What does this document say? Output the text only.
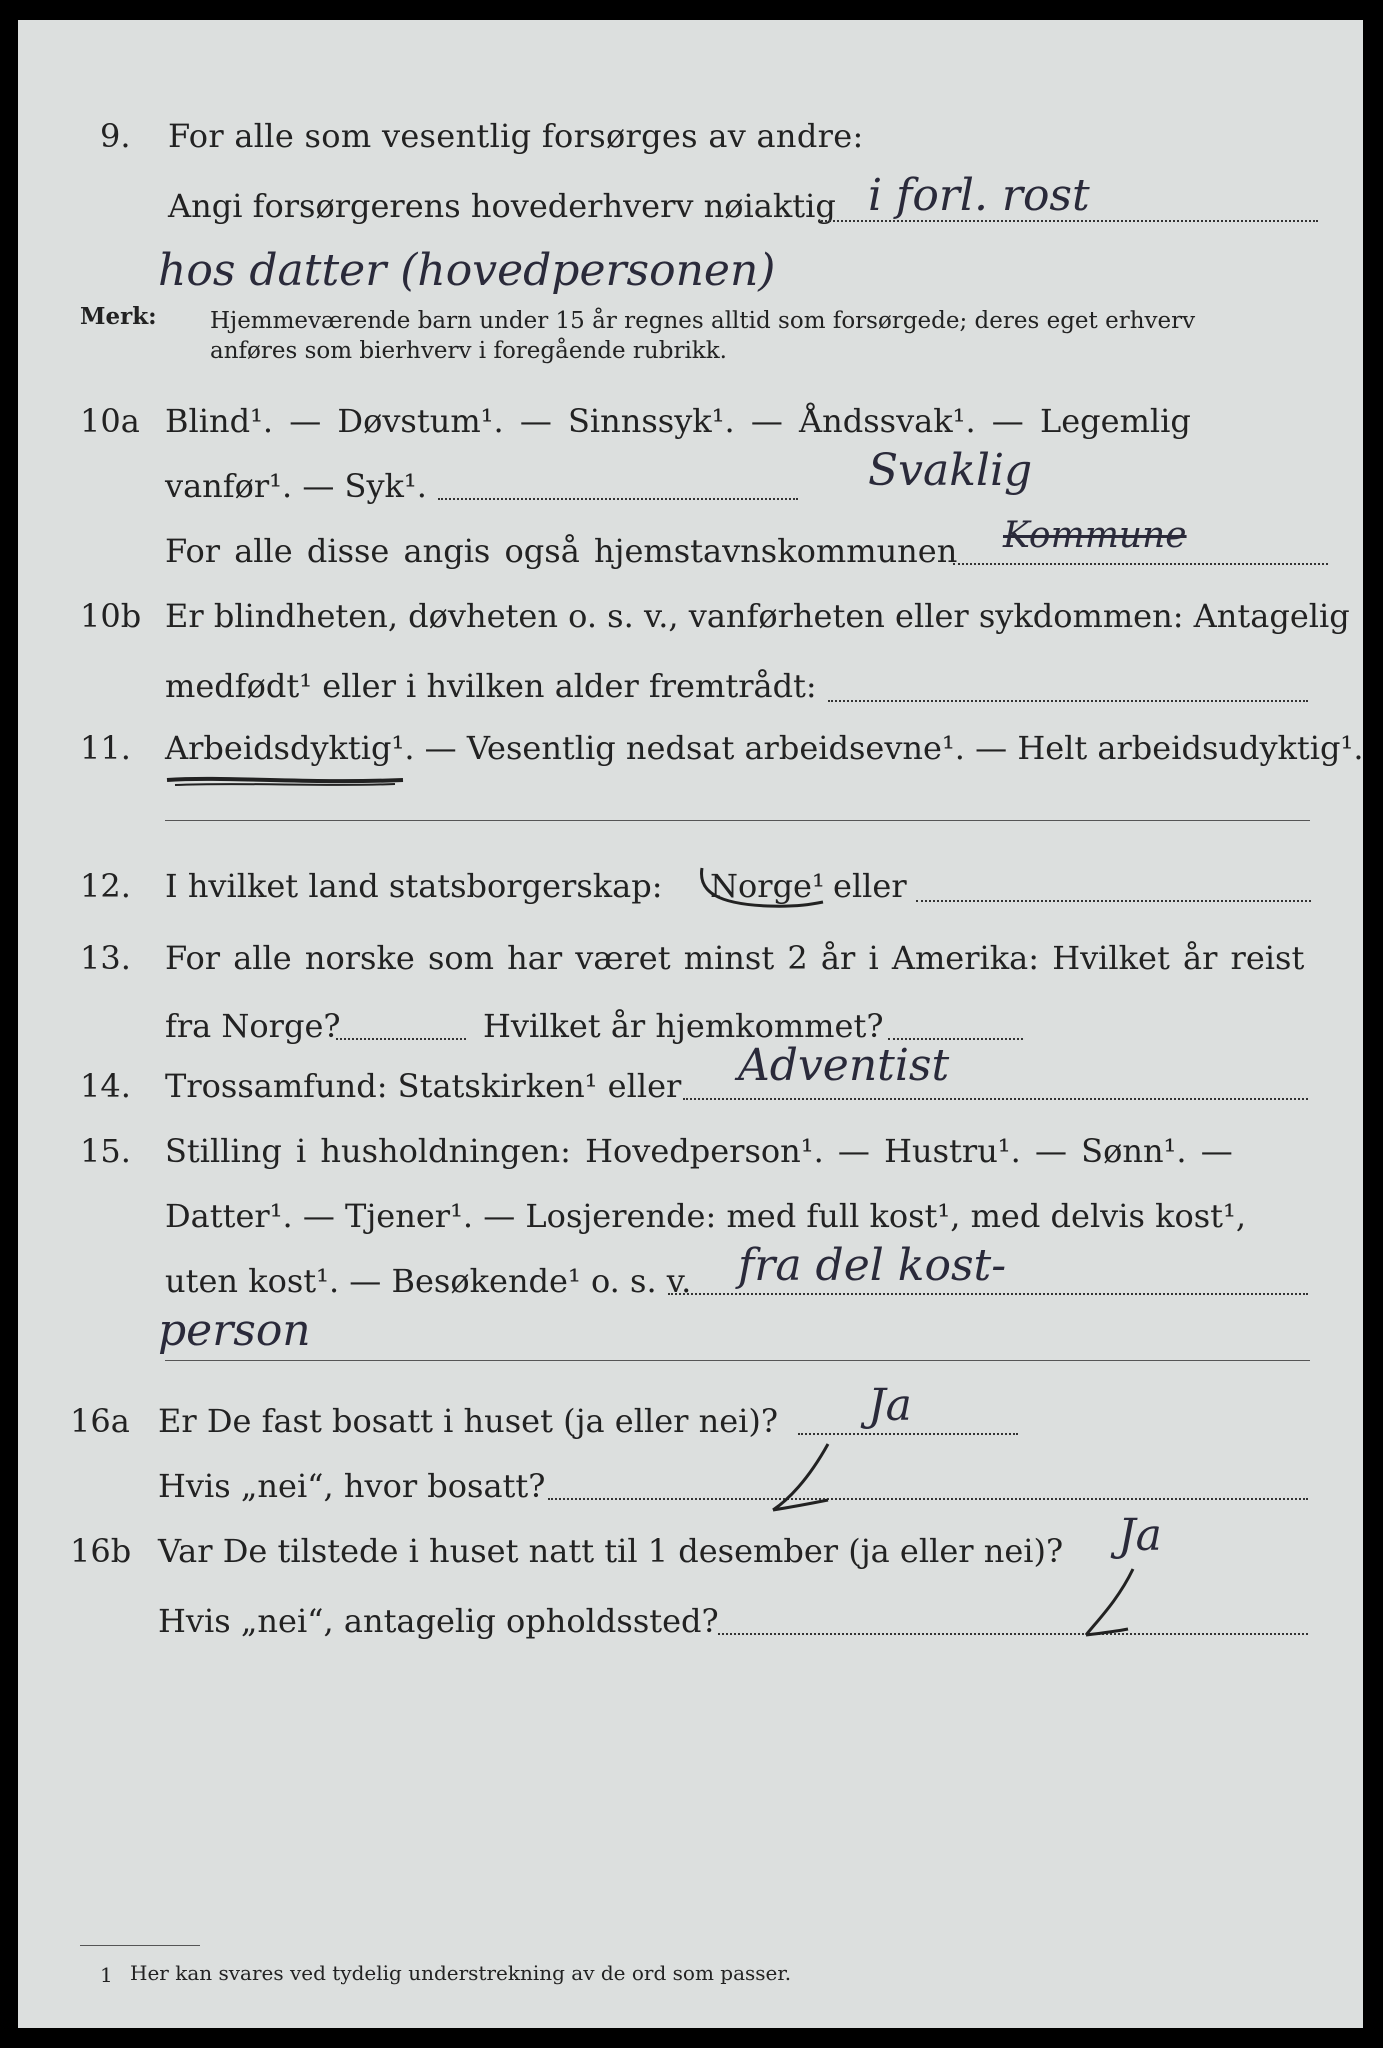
9. For alle som vesentlig forsørges av andre:
Angi forsørgerens hovederhverv nøiaktig i forl. rost
hos datter (hovedpersonen)
Merk: Hjemmeværende barn under 15 år regnes alltid som forsørgede; deres eget erhverv
anføres som bierhverv i foregående rubrikk.
10a Blind¹. — Døvstum¹. — Sinnssyk¹. — Åndssvak¹. — Legemlig
vanfør¹. — Syk¹.	Svaklig
For alle disse angis også hjemstavnskommunen Kommune
10b Er blindheten, døvheten o. s. v., vanførheten eller sykdommen: Antagelig
medfødt¹ eller i hvilken alder fremtrådt:
11. Arbeidsdyktig¹. — Vesentlig nedsat arbeidsevne¹. — Helt arbeidsudyktig¹.
12. I hvilket land statsborgerskap: Norge¹ eller
13. For alle norske som har været minst 2 år i Amerika: Hvilket år reist
fra Norge?	Hvilket år hjemkommet?
14. Trossamfund: Statskirken¹ eller Adventist
15. Stilling i husholdningen: Hovedperson¹. — Hustru¹. — Sønn¹. —
Datter¹. — Tjener¹. — Losjerende: med full kost¹, med delvis kost¹,
uten kost¹. — Besøkende¹ o. s. v. fra del kost-
person
16a Er De fast bosatt i huset (ja eller nei)? Ja
Hvis „nei“, hvor bosatt?
16b Var De tilstede i huset natt til 1 desember (ja eller nei)? Ja
Hvis „nei“, antagelig opholdssted?
1 Her kan svares ved tydelig understrekning av de ord som passer.
